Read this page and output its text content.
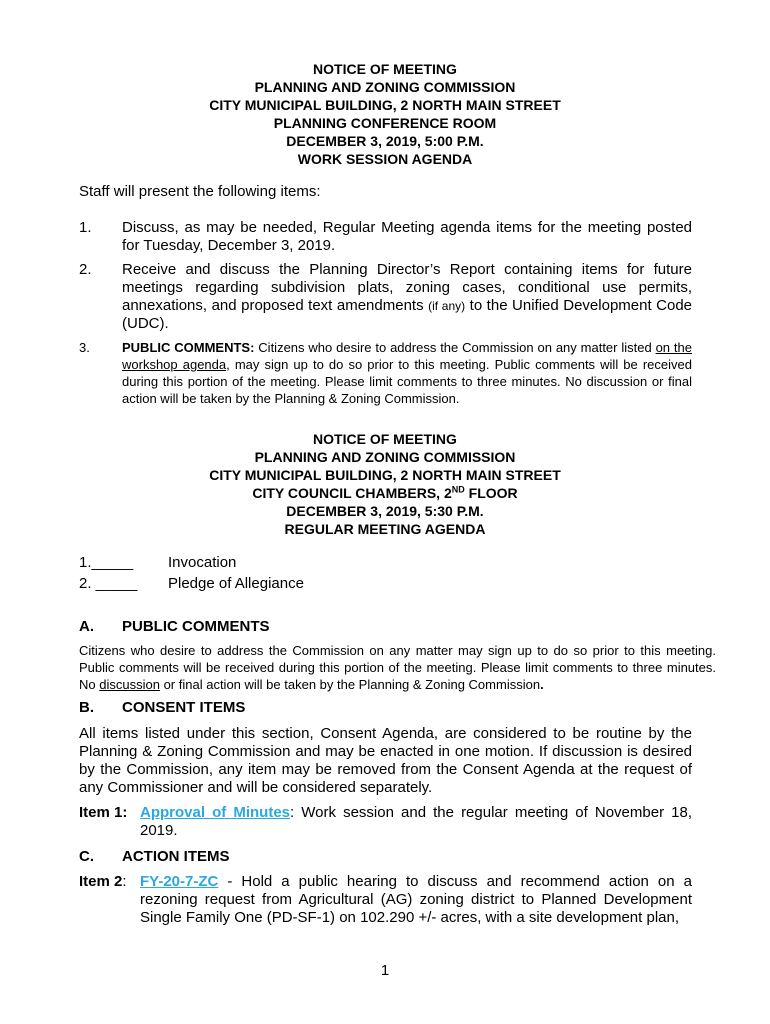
NOTICE OF MEETING
PLANNING AND ZONING COMMISSION
CITY MUNICIPAL BUILDING, 2 NORTH MAIN STREET
PLANNING CONFERENCE ROOM
DECEMBER 3, 2019, 5:00 P.M.
WORK SESSION AGENDA
Staff will present the following items:
1. Discuss, as may be needed, Regular Meeting agenda items for the meeting posted for Tuesday, December 3, 2019.
2. Receive and discuss the Planning Director’s Report containing items for future meetings regarding subdivision plats, zoning cases, conditional use permits, annexations, and proposed text amendments (if any) to the Unified Development Code (UDC).
3. PUBLIC COMMENTS: Citizens who desire to address the Commission on any matter listed on the workshop agenda, may sign up to do so prior to this meeting. Public comments will be received during this portion of the meeting. Please limit comments to three minutes. No discussion or final action will be taken by the Planning & Zoning Commission.
NOTICE OF MEETING
PLANNING AND ZONING COMMISSION
CITY MUNICIPAL BUILDING, 2 NORTH MAIN STREET
CITY COUNCIL CHAMBERS, 2ND FLOOR
DECEMBER 3, 2019, 5:30 P.M.
REGULAR MEETING AGENDA
1._____ Invocation
2. _____ Pledge of Allegiance
A. PUBLIC COMMENTS
Citizens who desire to address the Commission on any matter may sign up to do so prior to this meeting. Public comments will be received during this portion of the meeting. Please limit comments to three minutes. No discussion or final action will be taken by the Planning & Zoning Commission.
B. CONSENT ITEMS
All items listed under this section, Consent Agenda, are considered to be routine by the Planning & Zoning Commission and may be enacted in one motion. If discussion is desired by the Commission, any item may be removed from the Consent Agenda at the request of any Commissioner and will be considered separately.
Item 1: Approval of Minutes: Work session and the regular meeting of November 18, 2019.
C. ACTION ITEMS
Item 2: FY-20-7-ZC - Hold a public hearing to discuss and recommend action on a rezoning request from Agricultural (AG) zoning district to Planned Development Single Family One (PD-SF-1) on 102.290 +/- acres, with a site development plan,
1
